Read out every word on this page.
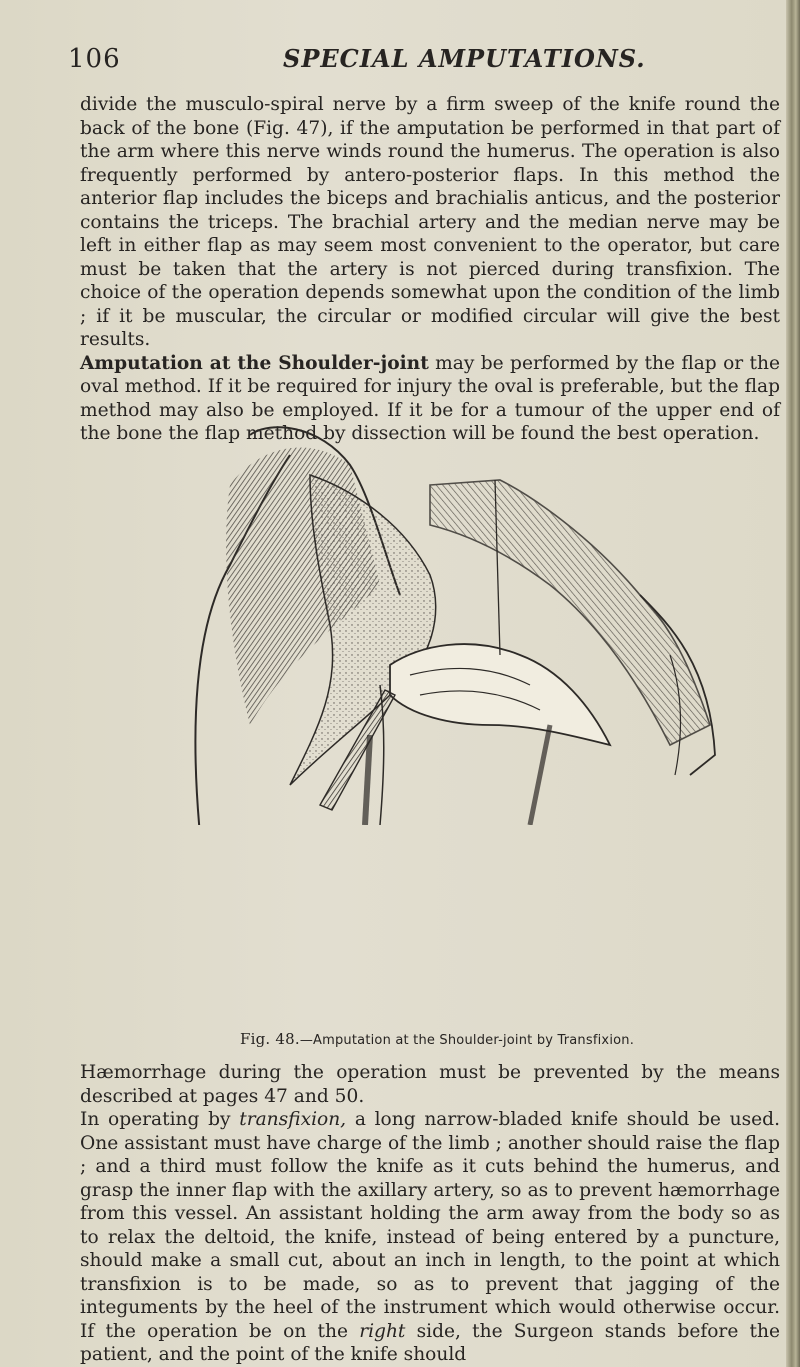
106	SPECIAL AMPUTATIONS.

divide the musculo-spiral nerve by a firm sweep of the knife round the back of the bone (Fig. 47), if the amputation be performed in that part of the arm where this nerve winds round the humerus. The operation is also frequently performed by antero-posterior flaps. In this method the anterior flap includes the biceps and brachialis anticus, and the posterior contains the triceps. The brachial artery and the median nerve may be left in either flap as may seem most convenient to the operator, but care must be taken that the artery is not pierced during transfixion. The choice of the operation depends somewhat upon the condition of the limb ; if it be muscular, the circular or modified circular will give the best results.

Amputation at the Shoulder-joint may be performed by the flap or the oval method. If it be required for injury the oval is preferable, but the flap method may also be employed. If it be for a tumour of the upper end of the bone the flap method by dissection will be found the best operation.

Fig. 48.—Amputation at the Shoulder-joint by Transfixion.

Hæmorrhage during the operation must be prevented by the means described at pages 47 and 50.

In operating by transfixion, a long narrow-bladed knife should be used. One assistant must have charge of the limb ; another should raise the flap ; and a third must follow the knife as it cuts behind the humerus, and grasp the inner flap with the axillary artery, so as to prevent hæmorrhage from this vessel. An assistant holding the arm away from the body so as to relax the deltoid, the knife, instead of being entered by a puncture, should make a small cut, about an inch in length, to the point at which transfixion is to be made, so as to prevent that jagging of the integuments by the heel of the instrument which would otherwise occur. If the operation be on the right side, the Surgeon stands before the patient, and the point of the knife should
